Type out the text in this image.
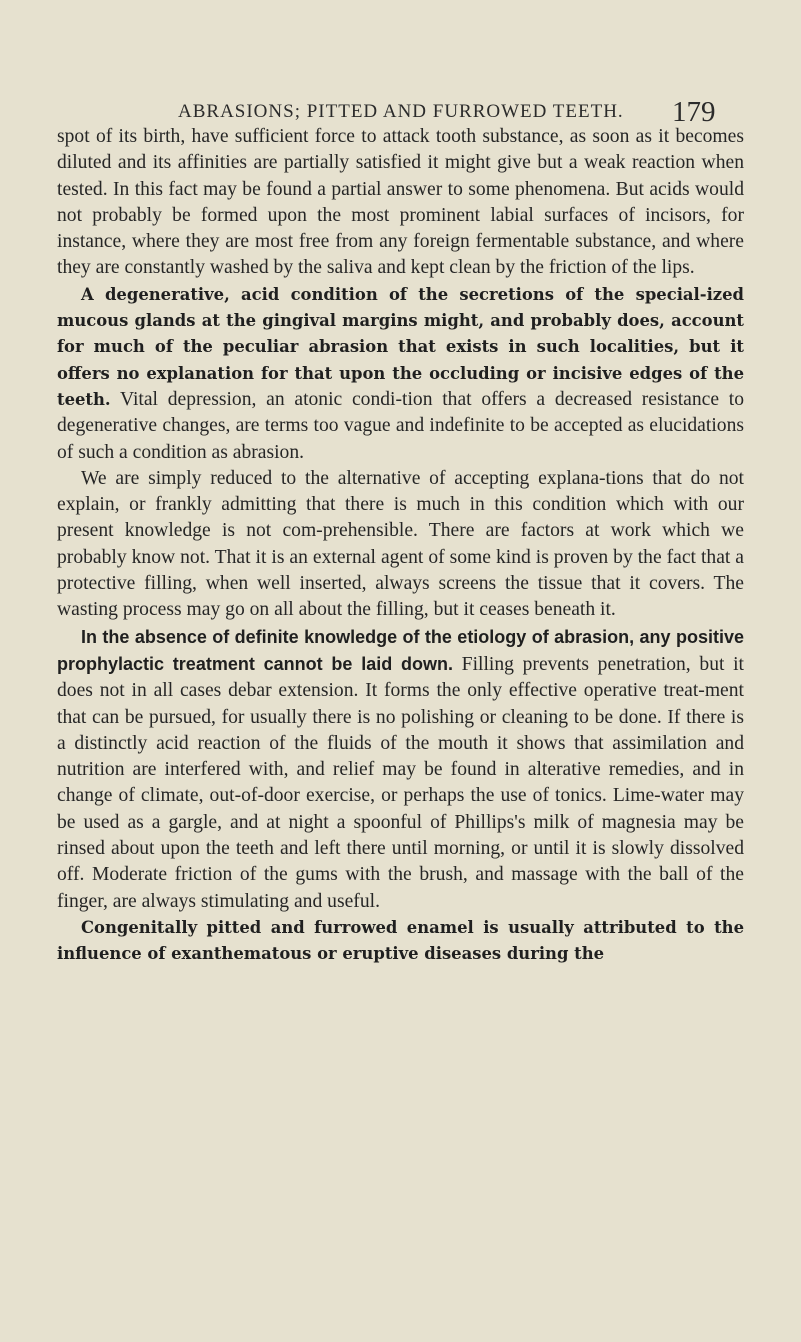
ABRASIONS; PITTED AND FURROWED TEETH. 179

spot of its birth, have sufficient force to attack tooth substance, as soon as it becomes diluted and its affinities are partially satisfied it might give but a weak reaction when tested. In this fact may be found a partial answer to some phenomena. But acids would not probably be formed upon the most prominent labial surfaces of incisors, for instance, where they are most free from any foreign fermentable substance, and where they are constantly washed by the saliva and kept clean by the friction of the lips.

A degenerative, acid condition of the secretions of the special-ized mucous glands at the gingival margins might, and probably does, account for much of the peculiar abrasion that exists in such localities, but it offers no explanation for that upon the occluding or incisive edges of the teeth. Vital depression, an atonic condi-tion that offers a decreased resistance to degenerative changes, are terms too vague and indefinite to be accepted as elucidations of such a condition as abrasion.

We are simply reduced to the alternative of accepting explana-tions that do not explain, or frankly admitting that there is much in this condition which with our present knowledge is not com-prehensible. There are factors at work which we probably know not. That it is an external agent of some kind is proven by the fact that a protective filling, when well inserted, always screens the tissue that it covers. The wasting process may go on all about the filling, but it ceases beneath it.

In the absence of definite knowledge of the etiology of abrasion, any positive prophylactic treatment cannot be laid down. Filling prevents penetration, but it does not in all cases debar extension. It forms the only effective operative treat-ment that can be pursued, for usually there is no polishing or cleaning to be done. If there is a distinctly acid reaction of the fluids of the mouth it shows that assimilation and nutrition are interfered with, and relief may be found in alterative remedies, and in change of climate, out-of-door exercise, or perhaps the use of tonics. Lime-water may be used as a gargle, and at night a spoonful of Phillips's milk of magnesia may be rinsed about upon the teeth and left there until morning, or until it is slowly dissolved off. Moderate friction of the gums with the brush, and massage with the ball of the finger, are always stimulating and useful.

Congenitally pitted and furrowed enamel is usually attributed to the influence of exanthematous or eruptive diseases during the
